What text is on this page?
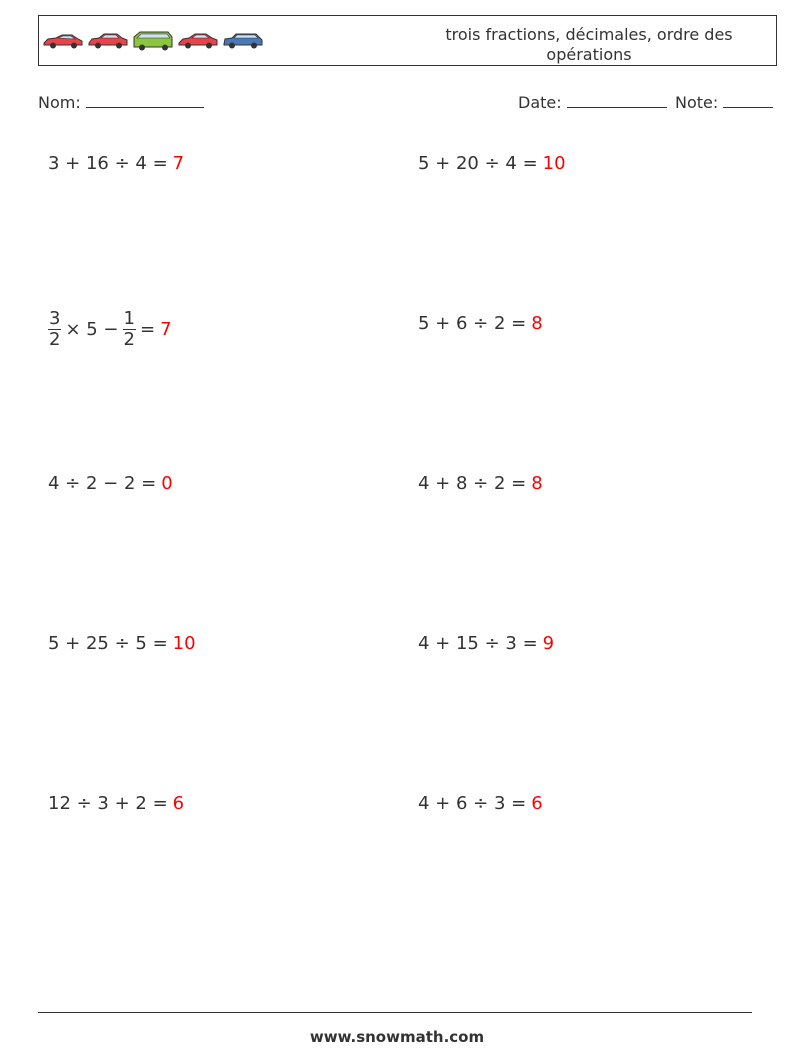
trois fractions, décimales, ordre des opérations
Nom:	Date:	Note:
3 + 16 ÷ 4 = 7	5 + 20 ÷ 4 = 10
$\frac{3}{2} \times 5 - \frac{1}{2} = 7$	5 + 6 ÷ 2 = 8
4 ÷ 2 − 2 = 0	4 + 8 ÷ 2 = 8
5 + 25 ÷ 5 = 10	4 + 15 ÷ 3 = 9
12 ÷ 3 + 2 = 6	4 + 6 ÷ 3 = 6
www.snowmath.com
